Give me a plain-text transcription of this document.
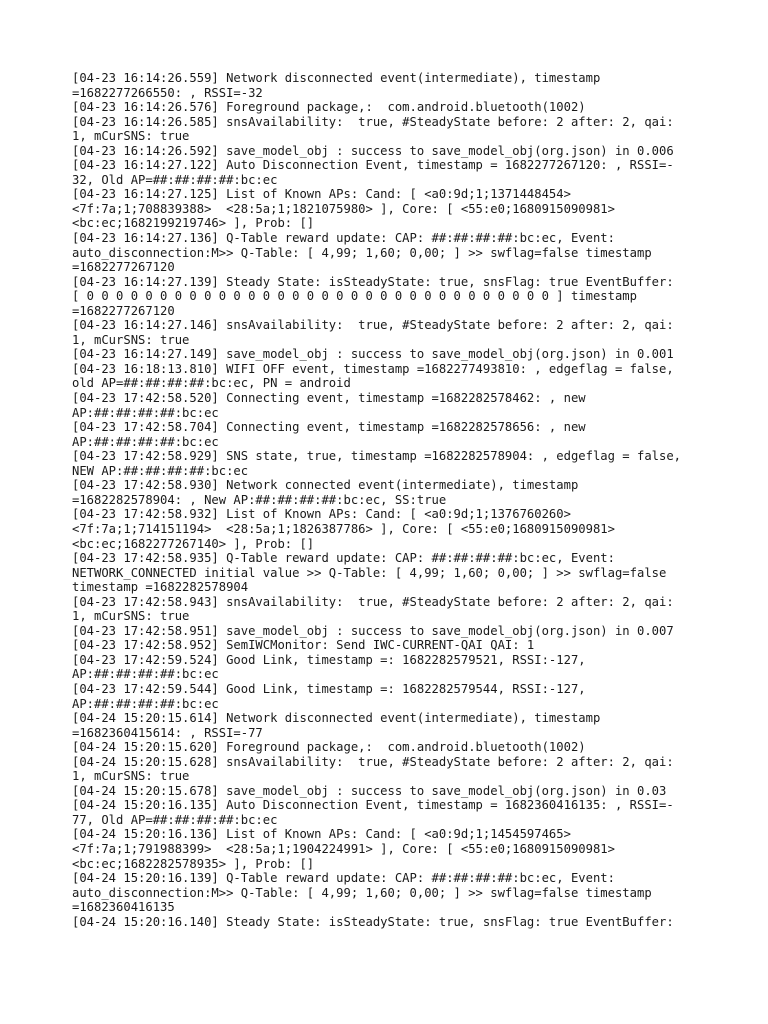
[04-23 16:14:26.559] Network disconnected event(intermediate), timestamp
=1682277266550: , RSSI=-32
[04-23 16:14:26.576] Foreground package,:  com.android.bluetooth(1002)
[04-23 16:14:26.585] snsAvailability:  true, #SteadyState before: 2 after: 2, qai:
1, mCurSNS: true
[04-23 16:14:26.592] save_model_obj : success to save_model_obj(org.json) in 0.006
[04-23 16:14:27.122] Auto Disconnection Event, timestamp = 1682277267120: , RSSI=-
32, Old AP=##:##:##:##:bc:ec
[04-23 16:14:27.125] List of Known APs: Cand: [ <a0:9d;1;1371448454>
<7f:7a;1;708839388>  <28:5a;1;1821075980> ], Core: [ <55:e0;1680915090981>
<bc:ec;1682199219746> ], Prob: []
[04-23 16:14:27.136] Q-Table reward update: CAP: ##:##:##:##:bc:ec, Event:
auto_disconnection:M>> Q-Table: [ 4,99; 1,60; 0,00; ] >> swflag=false timestamp
=1682277267120
[04-23 16:14:27.139] Steady State: isSteadyState: true, snsFlag: true EventBuffer:
[ 0 0 0 0 0 0 0 0 0 0 0 0 0 0 0 0 0 0 0 0 0 0 0 0 0 0 0 0 0 0 0 0 ] timestamp
=1682277267120
[04-23 16:14:27.146] snsAvailability:  true, #SteadyState before: 2 after: 2, qai:
1, mCurSNS: true
[04-23 16:14:27.149] save_model_obj : success to save_model_obj(org.json) in 0.001
[04-23 16:18:13.810] WIFI OFF event, timestamp =1682277493810: , edgeflag = false,
old AP=##:##:##:##:bc:ec, PN = android
[04-23 17:42:58.520] Connecting event, timestamp =1682282578462: , new
AP:##:##:##:##:bc:ec
[04-23 17:42:58.704] Connecting event, timestamp =1682282578656: , new
AP:##:##:##:##:bc:ec
[04-23 17:42:58.929] SNS state, true, timestamp =1682282578904: , edgeflag = false,
NEW AP:##:##:##:##:bc:ec
[04-23 17:42:58.930] Network connected event(intermediate), timestamp
=1682282578904: , New AP:##:##:##:##:bc:ec, SS:true
[04-23 17:42:58.932] List of Known APs: Cand: [ <a0:9d;1;1376760260>
<7f:7a;1;714151194>  <28:5a;1;1826387786> ], Core: [ <55:e0;1680915090981>
<bc:ec;1682277267140> ], Prob: []
[04-23 17:42:58.935] Q-Table reward update: CAP: ##:##:##:##:bc:ec, Event:
NETWORK_CONNECTED initial value >> Q-Table: [ 4,99; 1,60; 0,00; ] >> swflag=false
timestamp =1682282578904
[04-23 17:42:58.943] snsAvailability:  true, #SteadyState before: 2 after: 2, qai:
1, mCurSNS: true
[04-23 17:42:58.951] save_model_obj : success to save_model_obj(org.json) in 0.007
[04-23 17:42:58.952] SemIWCMonitor: Send IWC-CURRENT-QAI QAI: 1
[04-23 17:42:59.524] Good Link, timestamp =: 1682282579521, RSSI:-127,
AP:##:##:##:##:bc:ec
[04-23 17:42:59.544] Good Link, timestamp =: 1682282579544, RSSI:-127,
AP:##:##:##:##:bc:ec
[04-24 15:20:15.614] Network disconnected event(intermediate), timestamp
=1682360415614: , RSSI=-77
[04-24 15:20:15.620] Foreground package,:  com.android.bluetooth(1002)
[04-24 15:20:15.628] snsAvailability:  true, #SteadyState before: 2 after: 2, qai:
1, mCurSNS: true
[04-24 15:20:15.678] save_model_obj : success to save_model_obj(org.json) in 0.03
[04-24 15:20:16.135] Auto Disconnection Event, timestamp = 1682360416135: , RSSI=-
77, Old AP=##:##:##:##:bc:ec
[04-24 15:20:16.136] List of Known APs: Cand: [ <a0:9d;1;1454597465>
<7f:7a;1;791988399>  <28:5a;1;1904224991> ], Core: [ <55:e0;1680915090981>
<bc:ec;1682282578935> ], Prob: []
[04-24 15:20:16.139] Q-Table reward update: CAP: ##:##:##:##:bc:ec, Event:
auto_disconnection:M>> Q-Table: [ 4,99; 1,60; 0,00; ] >> swflag=false timestamp
=1682360416135
[04-24 15:20:16.140] Steady State: isSteadyState: true, snsFlag: true EventBuffer:
